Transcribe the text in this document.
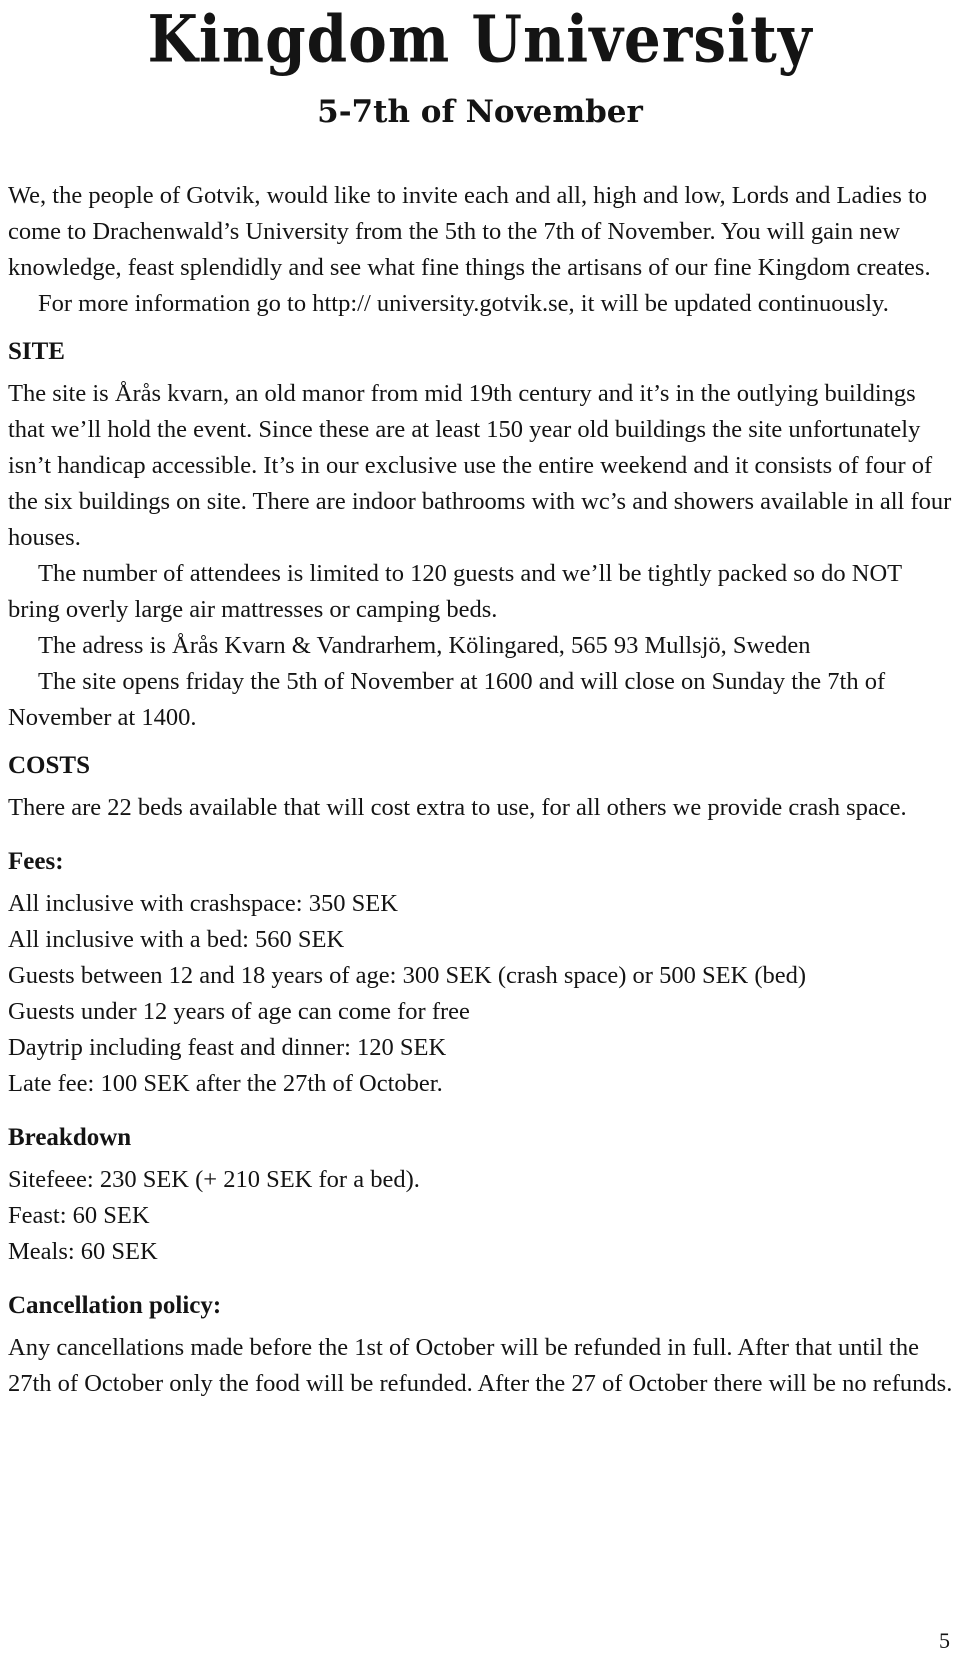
Kingdom University
5-7th of November

We, the people of Gotvik, would like to invite each and all, high and low, Lords and Ladies to come to Drachenwald’s University from the 5th to the 7th of November. You will gain new knowledge, feast splendidly and see what fine things the artisans of our fine Kingdom creates.

For more information go to http:// university.gotvik.se, it will be updated continuously.

SITE

The site is Årås kvarn, an old manor from mid 19th century and it’s in the outlying buildings that we’ll hold the event. Since these are at least 150 year old buildings the site unfortunately isn’t handicap accessible. It’s in our exclusive use the entire weekend and it consists of four of the six buildings on site. There are indoor bathrooms with wc’s and showers available in all four houses.

The number of attendees is limited to 120 guests and we’ll be tightly packed so do NOT bring overly large air mattresses or camping beds.

The adress is Årås Kvarn & Vandrarhem, Kölingared, 565 93 Mullsjö, Sweden

The site opens friday the 5th of November at 1600 and will close on Sunday the 7th of November at 1400.

COSTS

There are 22 beds available that will cost extra to use, for all others we provide crash space.

Fees:

All inclusive with crashspace: 350 SEK

All inclusive with a bed: 560 SEK

Guests between 12 and 18 years of age: 300 SEK (crash space) or 500 SEK (bed)

Guests under 12 years of age can come for free

Daytrip including feast and dinner: 120 SEK

Late fee: 100 SEK after the 27th of October.

Breakdown

Sitefeee: 230 SEK (+ 210 SEK for a bed).

Feast: 60 SEK

Meals: 60 SEK

Cancellation policy:

Any cancellations made before the 1st of October will be refunded in full. After that until the 27th of October only the food will be refunded. After the 27 of October there will be no refunds.

5
